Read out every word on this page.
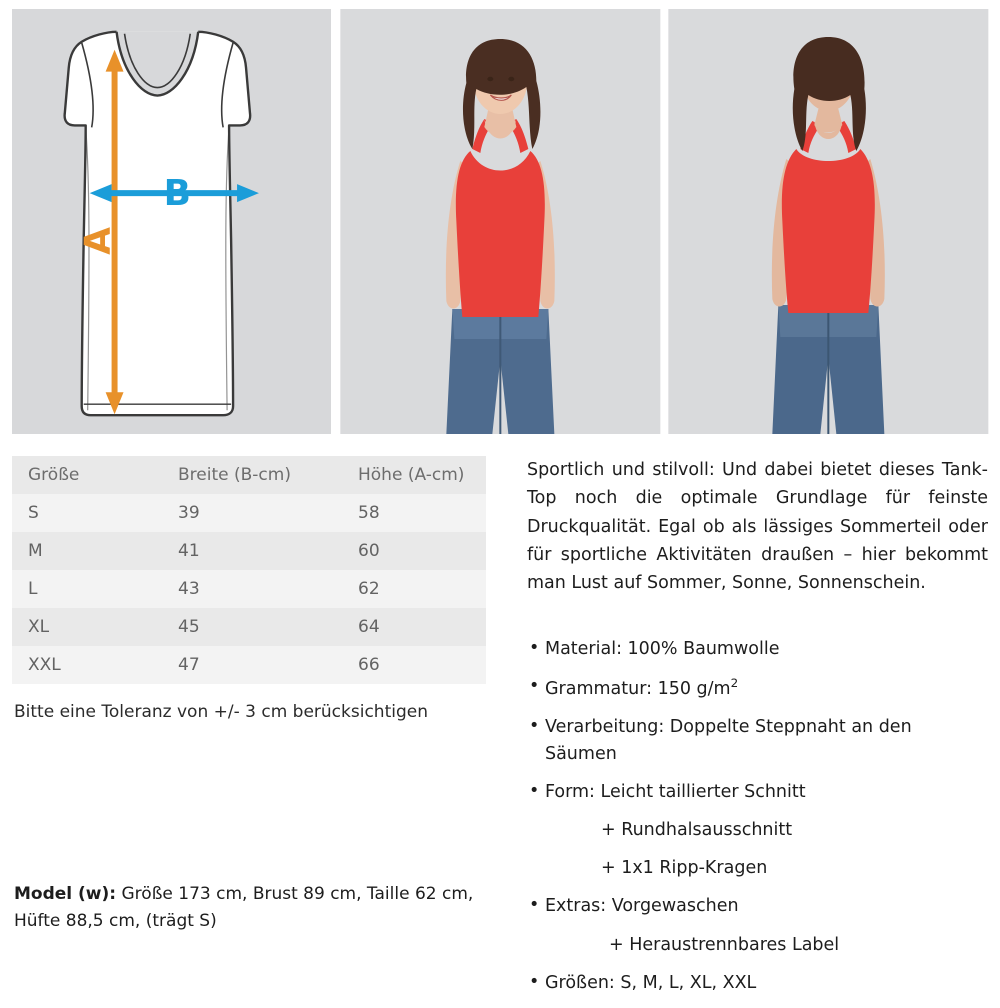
A
B
Größe	Breite (B-cm)	Höhe (A-cm)
S	39	58
M	41	60
L	43	62
XL	45	64
XXL	47	66
Bitte eine Toleranz von +/- 3 cm berücksichtigen

Sportlich und stilvoll: Und dabei bietet dieses Tank-Top noch die optimale Grundlage für feinste Druckqualität. Egal ob als lässiges Sommerteil oder für sportliche Aktivitäten draußen – hier bekommt man Lust auf Sommer, Sonne, Sonnenschein.

• Material: 100% Baumwolle
• Grammatur: 150 $g/m^2$
• Verarbeitung: Doppelte Steppnaht an den Säumen
• Form: Leicht taillierter Schnitt
+ Rundhalsausschnitt
+ 1x1 Ripp-Kragen
• Extras: Vorgewaschen
+ Heraustrennbares Label
• Größen: S, M, L, XL, XXL
Model (w): Größe 173 cm, Brust 89 cm, Taille 62 cm,
Hüfte 88,5 cm, (trägt S)
